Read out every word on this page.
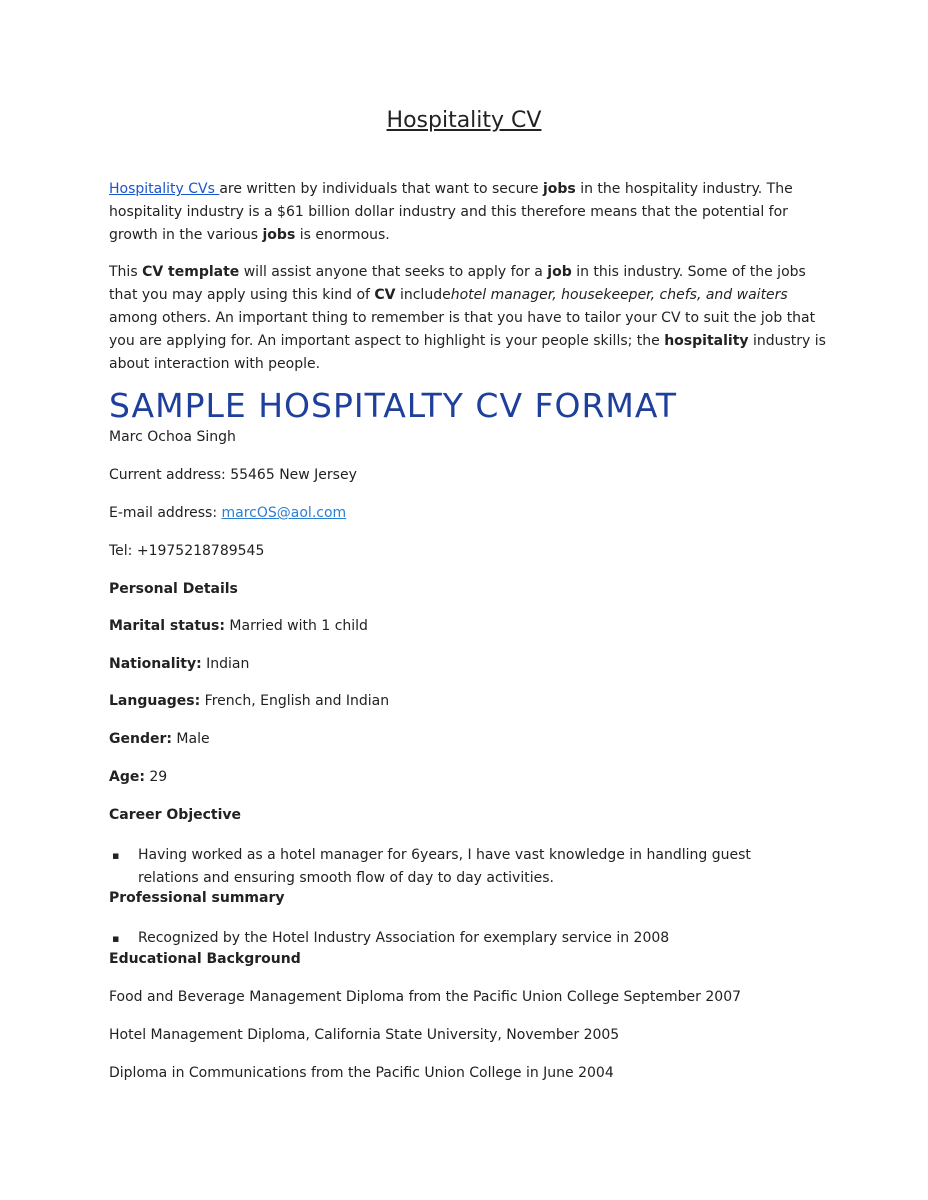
Hospitality CV

Hospitality CVs are written by individuals that want to secure jobs in the hospitality industry. The hospitality industry is a $61 billion dollar industry and this therefore means that the potential for growth in the various jobs is enormous.

This CV template will assist anyone that seeks to apply for a job in this industry. Some of the jobs that you may apply using this kind of CV includehotel manager, housekeeper, chefs, and waiters among others. An important thing to remember is that you have to tailor your CV to suit the job that you are applying for. An important aspect to highlight is your people skills; the hospitality industry is about interaction with people.

SAMPLE HOSPITALTY CV FORMAT

Marc Ochoa Singh

Current address: 55465 New Jersey

E-mail address: marcOS@aol.com

Tel: +1975218789545

Personal Details

Marital status: Married with 1 child

Nationality: Indian

Languages: French, English and Indian

Gender: Male

Age: 29

Career Objective

▪ Having worked as a hotel manager for 6years, I have vast knowledge in handling guest relations and ensuring smooth flow of day to day activities.

Professional summary

▪ Recognized by the Hotel Industry Association for exemplary service in 2008

Educational Background

Food and Beverage Management Diploma from the Pacific Union College September 2007

Hotel Management Diploma, California State University, November 2005

Diploma in Communications from the Pacific Union College in June 2004
